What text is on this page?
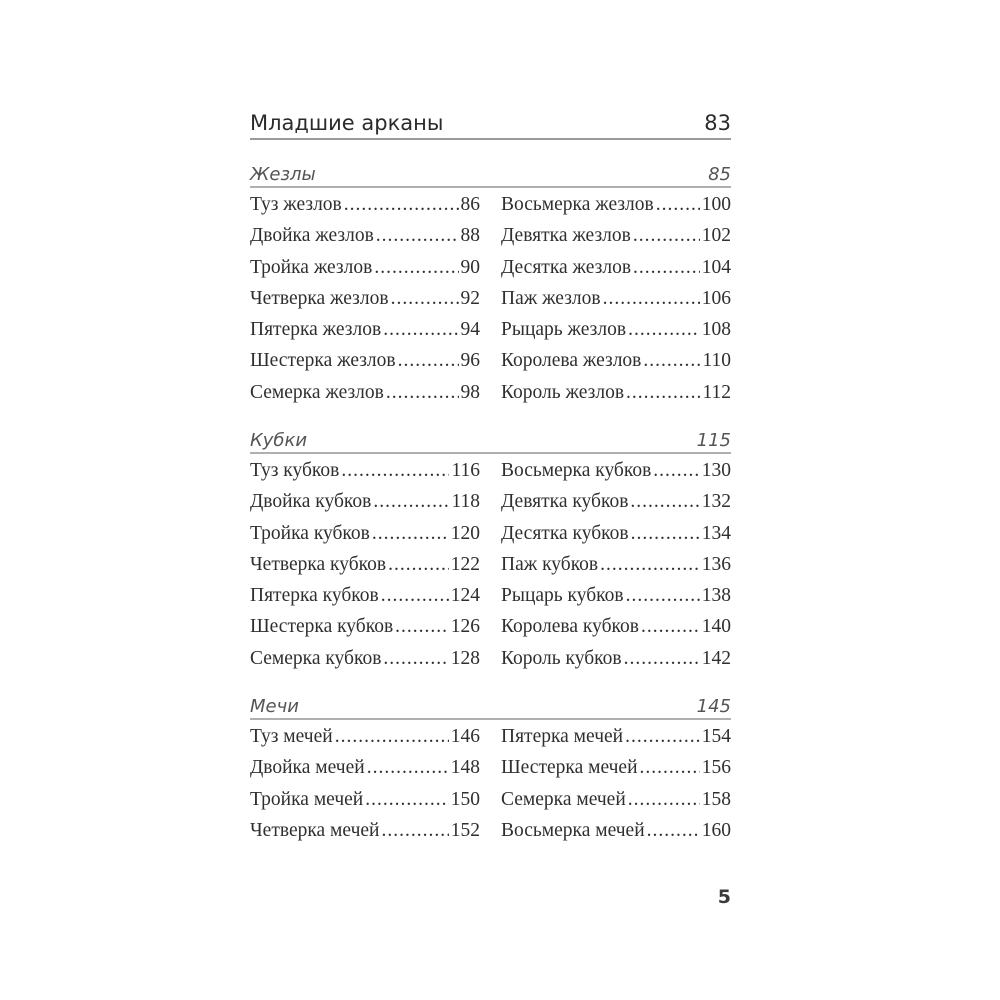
Младшие арканы	83
Жезлы	85
Туз жезлов .....	86 Восьмерка жезлов ..... 100
Двойка жезлов .....	88 Девятка жезлов .....	102
Тройка жезлов .....	90 Десятка жезлов .....	104
Четверка жезлов .....	92 Паж жезлов .....	106
Пятерка жезлов .....	94 Рыцарь жезлов .....	108
Шестерка жезлов .....	96 Королева жезлов .....	110
Семерка жезлов .....	98 Король жезлов .....	112
Кубки	115
Туз кубков .....	116 Восьмерка кубков .....	130
Двойка кубков .....	118 Девятка кубков .....	132
Тройка кубков .....	120 Десятка кубков .....	134
Четверка кубков .....	122 Паж кубков .....	136
Пятерка кубков .....	124 Рыцарь кубков .....	138
Шестерка кубков .....	126 Королева кубков .....	140
Семерка кубков .....	128 Король кубков .....	142
Мечи	145
Туз мечей .....	146 Пятерка мечей .....	154
Двойка мечей .....	148 Шестерка мечей .....	156
Тройка мечей .....	150 Семерка мечей .....	158
Четверка мечей .....	152 Восьмерка мечей .....	160
5
